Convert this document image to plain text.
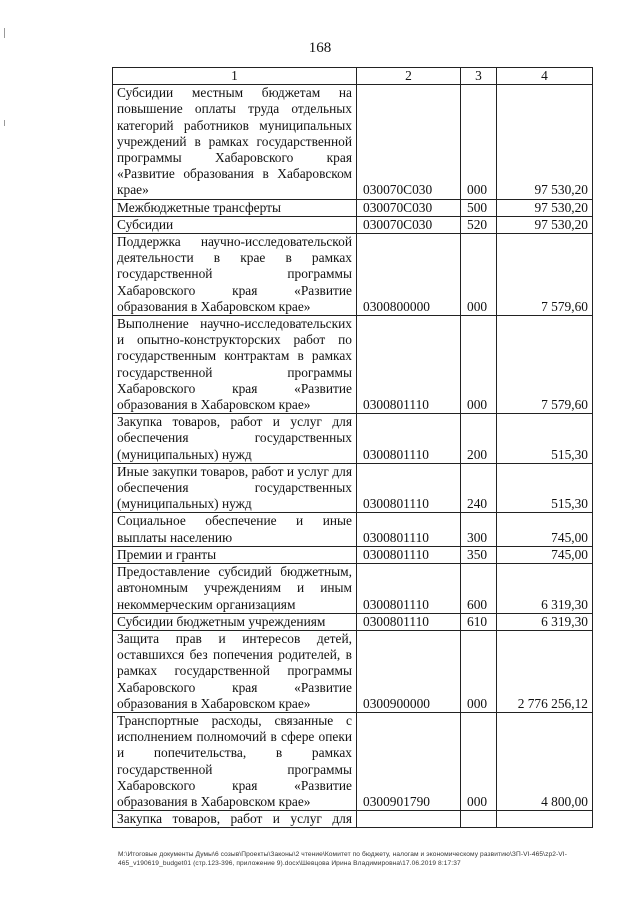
168
1	2	3	4
Субсидии местным бюджетам на повышение оплаты труда отдельных категорий работников муниципальных учреждений в рамках государственной программы Хабаровского края «Развитие образования в Хабаровском крае»	030070C030	000	97 530,20
Межбюджетные трансферты	030070C030	500	97 530,20
Субсидии	030070C030	520	97 530,20
Поддержка научно-исследовательской деятельности в крае в рамках государственной программы Хабаровского края «Развитие образования в Хабаровском крае»	0300800000	000	7 579,60
Выполнение научно-исследовательских и опытно-конструкторских работ по государственным контрактам в рамках государственной программы Хабаровского края «Развитие образования в Хабаровском крае»	0300801110	000	7 579,60
Закупка товаров, работ и услуг для обеспечения государственных (муниципальных) нужд	0300801110	200	515,30
Иные закупки товаров, работ и услуг для обеспечения государственных (муниципальных) нужд	0300801110	240	515,30
Социальное обеспечение и иные выплаты населению	0300801110	300	745,00
Премии и гранты	0300801110	350	745,00
Предоставление субсидий бюджетным, автономным учреждениям и иным некоммерческим организациям	0300801110	600	6 319,30
Субсидии бюджетным учреждениям	0300801110	610	6 319,30
Защита прав и интересов детей, оставшихся без попечения родителей, в рамках государственной программы Хабаровского края «Развитие образования в Хабаровском крае»	0300900000	000	2 776 256,12
Транспортные расходы, связанные с исполнением полномочий в сфере опеки и попечительства, в рамках государственной программы Хабаровского края «Развитие образования в Хабаровском крае»	0300901790	000	4 800,00
Закупка товаров, работ и услуг для			
M:\Итоговые документы Думы\6 созыв\Проекты\Законы\2 чтение\Комитет по бюджету, налогам и экономическому развитию\ЗП-VI-465\zp2-VI-465_v190619_budget01 (стр.123-396, приложение 9).docx\Шевцова Ирина Владимировна\17.06.2019 8:17:37
